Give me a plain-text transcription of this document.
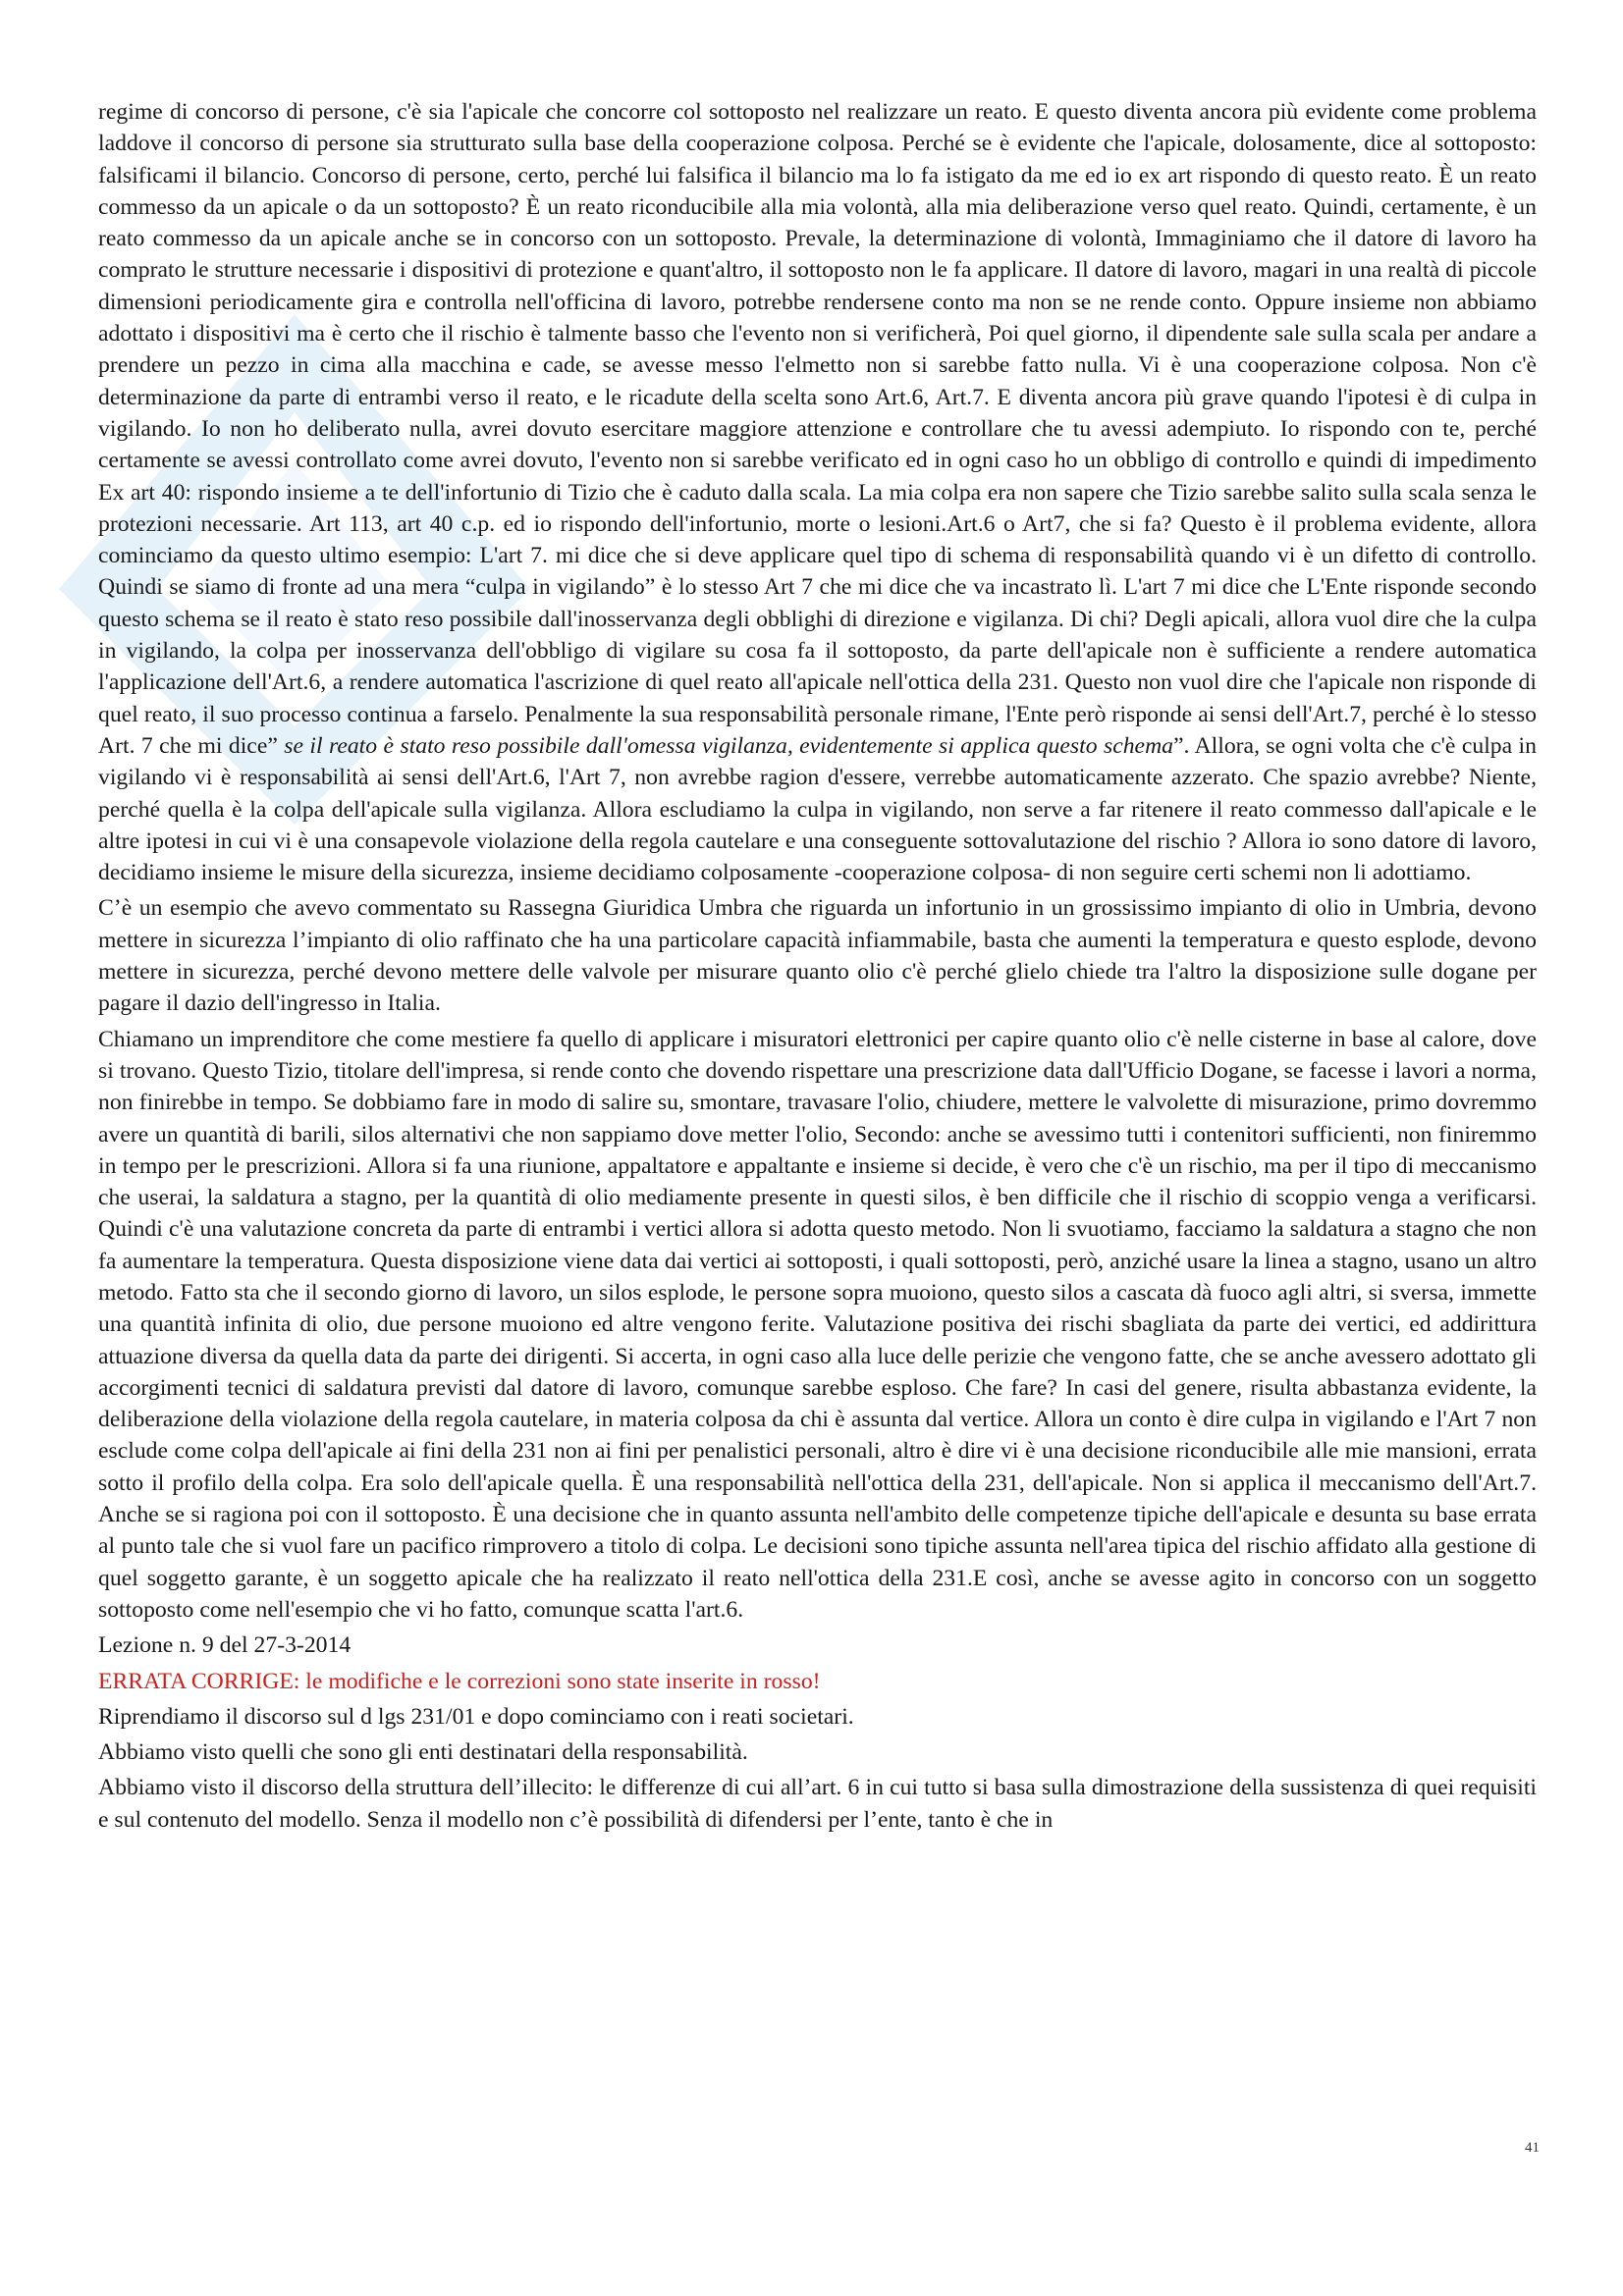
regime di concorso di persone, c'è sia l'apicale che concorre col sottoposto nel realizzare un reato. E questo diventa ancora più evidente come problema laddove il concorso di persone sia strutturato sulla base della cooperazione colposa. Perché se è evidente che l'apicale, dolosamente, dice al sottoposto: falsificami il bilancio. Concorso di persone, certo, perché lui falsifica il bilancio ma lo fa istigato da me ed io ex art rispondo di questo reato. È un reato commesso da un apicale o da un sottoposto? È un reato riconducibile alla mia volontà, alla mia deliberazione verso quel reato. Quindi, certamente, è un reato commesso da un apicale anche se in concorso con un sottoposto. Prevale, la determinazione di volontà, Immaginiamo che il datore di lavoro ha comprato le strutture necessarie i dispositivi di protezione e quant'altro, il sottoposto non le fa applicare. Il datore di lavoro, magari in una realtà di piccole dimensioni periodicamente gira e controlla nell'officina di lavoro, potrebbe rendersene conto ma non se ne rende conto. Oppure insieme non abbiamo adottato i dispositivi ma è certo che il rischio è talmente basso che l'evento non si verificherà, Poi quel giorno, il dipendente sale sulla scala per andare a prendere un pezzo in cima alla macchina e cade, se avesse messo l'elmetto non si sarebbe fatto nulla. Vi è una cooperazione colposa. Non c'è determinazione da parte di entrambi verso il reato, e le ricadute della scelta sono Art.6, Art.7. E diventa ancora più grave quando l'ipotesi è di culpa in vigilando. Io non ho deliberato nulla, avrei dovuto esercitare maggiore attenzione e controllare che tu avessi adempiuto. Io rispondo con te, perché certamente se avessi controllato come avrei dovuto, l'evento non si sarebbe verificato ed in ogni caso ho un obbligo di controllo e quindi di impedimento Ex art 40: rispondo insieme a te dell'infortunio di Tizio che è caduto dalla scala. La mia colpa era non sapere che Tizio sarebbe salito sulla scala senza le protezioni necessarie. Art 113, art 40 c.p. ed io rispondo dell'infortunio, morte o lesioni.Art.6 o Art7, che si fa? Questo è il problema evidente, allora cominciamo da questo ultimo esempio: L'art 7. mi dice che si deve applicare quel tipo di schema di responsabilità quando vi è un difetto di controllo. Quindi se siamo di fronte ad una mera “culpa in vigilando” è lo stesso Art 7 che mi dice che va incastrato lì. L'art 7 mi dice che L'Ente risponde secondo questo schema se il reato è stato reso possibile dall'inosservanza degli obblighi di direzione e vigilanza. Di chi? Degli apicali, allora vuol dire che la culpa in vigilando, la colpa per inosservanza dell'obbligo di vigilare su cosa fa il sottoposto, da parte dell'apicale non è sufficiente a rendere automatica l'applicazione dell'Art.6, a rendere automatica l'ascrizione di quel reato all'apicale nell'ottica della 231. Questo non vuol dire che l'apicale non risponde di quel reato, il suo processo continua a farselo. Penalmente la sua responsabilità personale rimane, l'Ente però risponde ai sensi dell'Art.7, perché è lo stesso Art. 7 che mi dice” se il reato è stato reso possibile dall'omessa vigilanza, evidentemente si applica questo schema”. Allora, se ogni volta che c'è culpa in vigilando vi è responsabilità ai sensi dell'Art.6, l'Art 7, non avrebbe ragion d'essere, verrebbe automaticamente azzerato. Che spazio avrebbe? Niente, perché quella è la colpa dell'apicale sulla vigilanza. Allora escludiamo la culpa in vigilando, non serve a far ritenere il reato commesso dall'apicale e le altre ipotesi in cui vi è una consapevole violazione della regola cautelare e una conseguente sottovalutazione del rischio ? Allora io sono datore di lavoro, decidiamo insieme le misure della sicurezza, insieme decidiamo colposamente -cooperazione colposa- di non seguire certi schemi non li adottiamo.

C’è un esempio che avevo commentato su Rassegna Giuridica Umbra che riguarda un infortunio in un grossissimo impianto di olio in Umbria, devono mettere in sicurezza l’impianto di olio raffinato che ha una particolare capacità infiammabile, basta che aumenti la temperatura e questo esplode, devono mettere in sicurezza, perché devono mettere delle valvole per misurare quanto olio c'è perché glielo chiede tra l'altro la disposizione sulle dogane per pagare il dazio dell'ingresso in Italia.

Chiamano un imprenditore che come mestiere fa quello di applicare i misuratori elettronici per capire quanto olio c'è nelle cisterne in base al calore, dove si trovano. Questo Tizio, titolare dell'impresa, si rende conto che dovendo rispettare una prescrizione data dall'Ufficio Dogane, se facesse i lavori a norma, non finirebbe in tempo. Se dobbiamo fare in modo di salire su, smontare, travasare l'olio, chiudere, mettere le valvolette di misurazione, primo dovremmo avere un quantità di barili, silos alternativi che non sappiamo dove metter l'olio, Secondo: anche se avessimo tutti i contenitori sufficienti, non finiremmo in tempo per le prescrizioni. Allora si fa una riunione, appaltatore e appaltante e insieme si decide, è vero che c'è un rischio, ma per il tipo di meccanismo che userai, la saldatura a stagno, per la quantità di olio mediamente presente in questi silos, è ben difficile che il rischio di scoppio venga a verificarsi. Quindi c'è una valutazione concreta da parte di entrambi i vertici allora si adotta questo metodo. Non li svuotiamo, facciamo la saldatura a stagno che non fa aumentare la temperatura. Questa disposizione viene data dai vertici ai sottoposti, i quali sottoposti, però, anziché usare la linea a stagno, usano un altro metodo. Fatto sta che il secondo giorno di lavoro, un silos esplode, le persone sopra muoiono, questo silos a cascata dà fuoco agli altri, si sversa, immette una quantità infinita di olio, due persone muoiono ed altre vengono ferite. Valutazione positiva dei rischi sbagliata da parte dei vertici, ed addirittura attuazione diversa da quella data da parte dei dirigenti. Si accerta, in ogni caso alla luce delle perizie che vengono fatte, che se anche avessero adottato gli accorgimenti tecnici di saldatura previsti dal datore di lavoro, comunque sarebbe esploso. Che fare? In casi del genere, risulta abbastanza evidente, la deliberazione della violazione della regola cautelare, in materia colposa da chi è assunta dal vertice. Allora un conto è dire culpa in vigilando e l'Art 7 non esclude come colpa dell'apicale ai fini della 231 non ai fini per penalistici personali, altro è dire vi è una decisione riconducibile alle mie mansioni, errata sotto il profilo della colpa. Era solo dell'apicale quella. È una responsabilità nell'ottica della 231, dell'apicale. Non si applica il meccanismo dell'Art.7. Anche se si ragiona poi con il sottoposto. È una decisione che in quanto assunta nell'ambito delle competenze tipiche dell'apicale e desunta su base errata al punto tale che si vuol fare un pacifico rimprovero a titolo di colpa. Le decisioni sono tipiche assunta nell'area tipica del rischio affidato alla gestione di quel soggetto garante, è un soggetto apicale che ha realizzato il reato nell'ottica della 231.E così, anche se avesse agito in concorso con un soggetto sottoposto come nell'esempio che vi ho fatto, comunque scatta l'art.6.

Lezione n. 9 del 27-3-2014

ERRATA CORRIGE: le modifiche e le correzioni sono state inserite in rosso!

Riprendiamo il discorso sul d lgs 231/01 e dopo cominciamo con i reati societari.

Abbiamo visto quelli che sono gli enti destinatari della responsabilità.

Abbiamo visto il discorso della struttura dell’illecito: le differenze di cui all’art. 6 in cui tutto si basa sulla dimostrazione della sussistenza di quei requisiti e sul contenuto del modello. Senza il modello non c’è possibilità di difendersi per l’ente, tanto è che in

41
